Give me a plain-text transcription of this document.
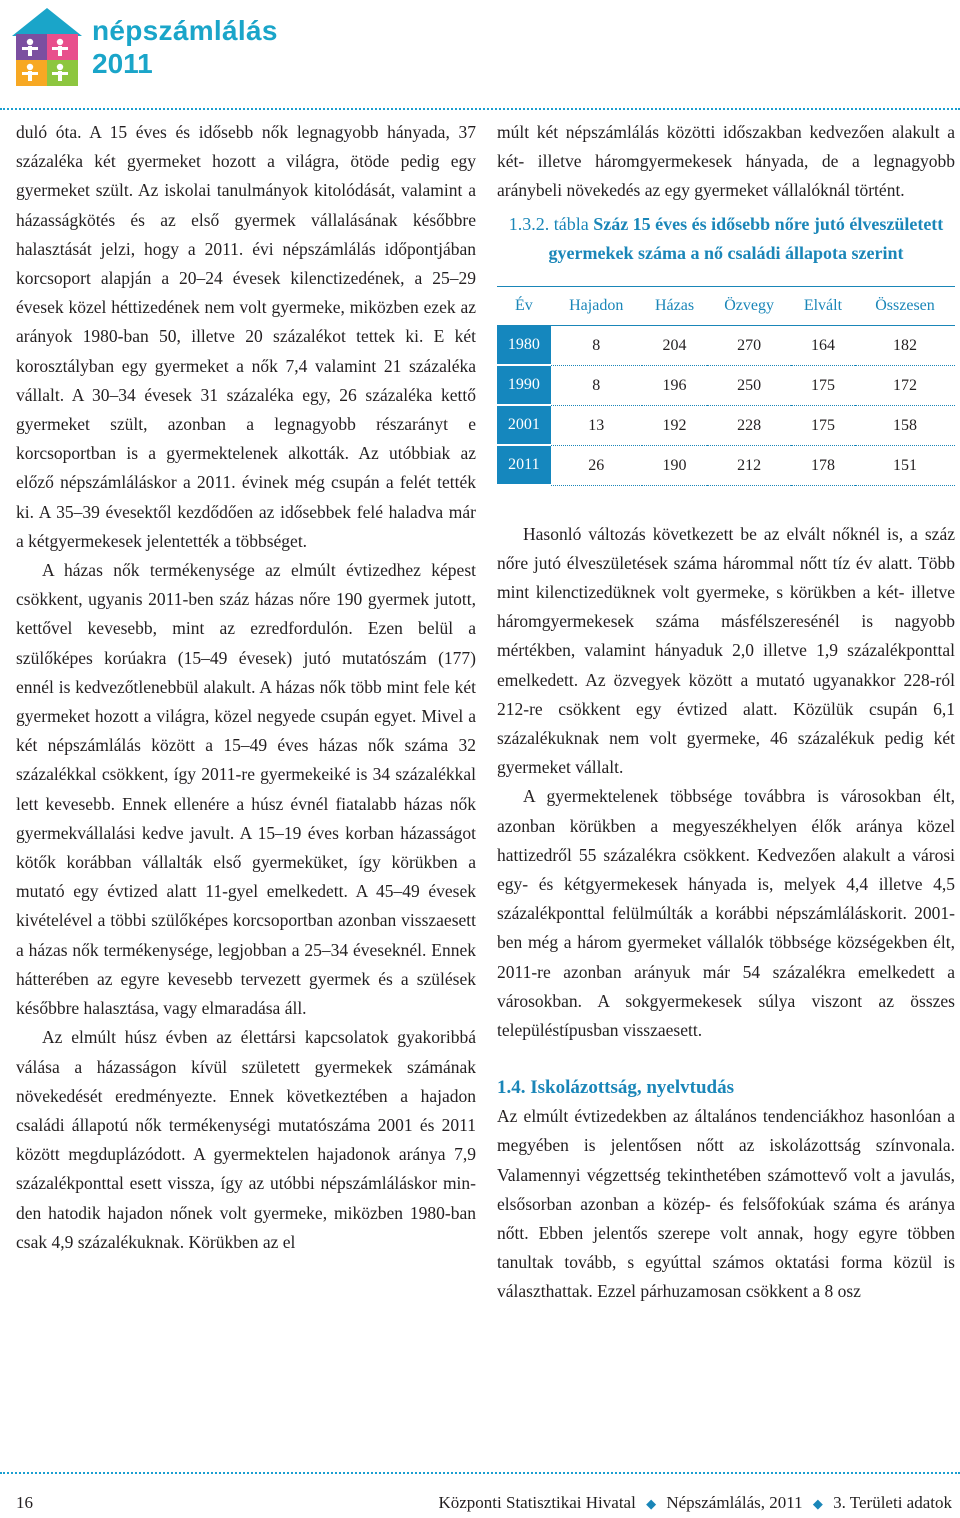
népszámlálás
2011

duló óta. A 15 éves és idősebb nők legnagyobb hányada, 37 százaléka két gyermeket hozott a világra, ötöde pedig egy gyermeket szült. Az iskolai tanulmányok kitolódását, valamint a házasságkötés és az első gyermek vállalásának későbbre halasztását jelzi, hogy a 2011. évi népszámlálás időpontjában korcsoport alapján a 20⁠–⁠24 évesek kilenctizedének, a 25⁠–⁠29 évesek közel héttizedének nem volt gyermeke, miközben ezek az arányok 1980-ban 50, illetve 20 százalékot tettek ki. E két korosztályban egy gyermeket a nők 7,4 valamint 21 százaléka vállalt. A 30⁠–⁠34 évesek 31 százaléka egy, 26 százaléka kettő gyermeket szült, azonban a legnagyobb részarányt e korcsoportban is a gyermektelenek alkották. Az utóbbiak az előző népszámláláskor a 2011. évinek még csupán a felét tették ki. A 35⁠–⁠39 évesektől kezdődően az idősebbek felé haladva már a kétgyermekesek jelentették a többséget.

A házas nők termékenysége az elmúlt évtizedhez képest csökkent, ugyanis 2011-ben száz házas nőre 190 gyermek jutott, kettővel kevesebb, mint az ezredfordulón. Ezen belül a szülőképes korúakra (15⁠–⁠49 évesek) jutó mutatószám (177) ennél is kedvezőtlenebbül alakult. A házas nők több mint fele két gyermeket hozott a világra, közel negyede csupán egyet. Mivel a két népszámlálás között a 15⁠–⁠49 éves házas nők száma 32 százalékkal csökkent, így 2011-re gyermekeiké is 34 százalékkal lett kevesebb. Ennek ellenére a húsz évnél fiatalabb házas nők gyermekvállalási kedve javult. A 15⁠–⁠19 éves korban házasságot kötők korábban vállalták első gyermeküket, így körükben a mutató egy évtized alatt 11-gyel emelkedett. A 45⁠–⁠49 évesek kivételével a többi szülőképes korcsoportban azonban visszaesett a házas nők termékenysége, legjobban a 25⁠–⁠34 éveseknél. Ennek hátterében az egyre kevesebb tervezett gyermek és a szülések későbbre halasztása, vagy elmaradása áll.

Az elmúlt húsz évben az élettársi kapcsolatok gyakoribbá válása a házasságon kívül született gyermekek számának növekedését eredményezte. Ennek következtében a hajadon családi állapotú nők termékenységi mutatószáma 2001 és 2011 között megduplázódott. A gyermektelen hajadonok aránya 7,9 százalékponttal esett vissza, így az utóbbi népszámláláskor minden hatodik hajadon nőnek volt gyermeke, miközben 1980-ban csak 4,9 százalékuknak. Körükben az el

múlt két népszámlálás közötti időszakban kedvezően alakult a két- illetve háromgyermekesek hányada, de a legnagyobb aránybeli növekedés az egy gyermeket vállalóknál történt.

1.3.2. tábla Száz 15 éves és idősebb nőre jutó élveszületett gyermekek száma a nő családi állapota szerint
Év	Hajadon	Házas	Özvegy	Elvált	Összesen
1980	8	204	270	164	182
1990	8	196	250	175	172
2001	13	192	228	175	158
2011	26	190	212	178	151

Hasonló változás következett be az elvált nőknél is, a száz nőre jutó élveszületések száma hárommal nőtt tíz év alatt. Több mint kilenctizedüknek volt gyermeke, s körükben a két- illetve háromgyermekesek száma másfélszeresénél is nagyobb mértékben, valamint hányaduk 2,0 illetve 1,9 százalékponttal emelkedett. Az özvegyek között a mutató ugyanakkor 228-ról 212-re csökkent egy évtized alatt. Közülük csupán 6,1 százalékuknak nem volt gyermeke, 46 százalékuk pedig két gyermeket vállalt.

A gyermektelenek többsége továbbra is városokban élt, azonban körükben a megyeszékhelyen élők aránya közel hattizedről 55 százalékra csökkent. Kedvezően alakult a városi egy- és kétgyermekesek hányada is, melyek 4,4 illetve 4,5 százalékponttal felülmúlták a korábbi népszámláláskorit. 2001-ben még a három gyermeket vállalók többsége községekben élt, 2011-re azonban arányuk már 54 százalékra emelkedett a városokban. A sokgyermekesek súlya viszont az összes településtípusban visszaesett.

1.4. Iskolázottság, nyelvtudás

Az elmúlt évtizedekben az általános tendenciákhoz hasonlóan a megyében is jelentősen nőtt az iskolázottság színvonala. Valamennyi végzettség tekinthetében számottevő volt a javulás, elsősorban azonban a közép- és felsőfokúak száma és aránya nőtt. Ebben jelentős szerepe volt annak, hogy egyre többen tanultak tovább, s egyúttal számos oktatási forma közül is választhattak. Ezzel párhuzamosan csökkent a 8 osz

16	Központi Statisztikai Hivatal ◆ Népszámlálás, 2011 ◆ 3. Területi adatok
